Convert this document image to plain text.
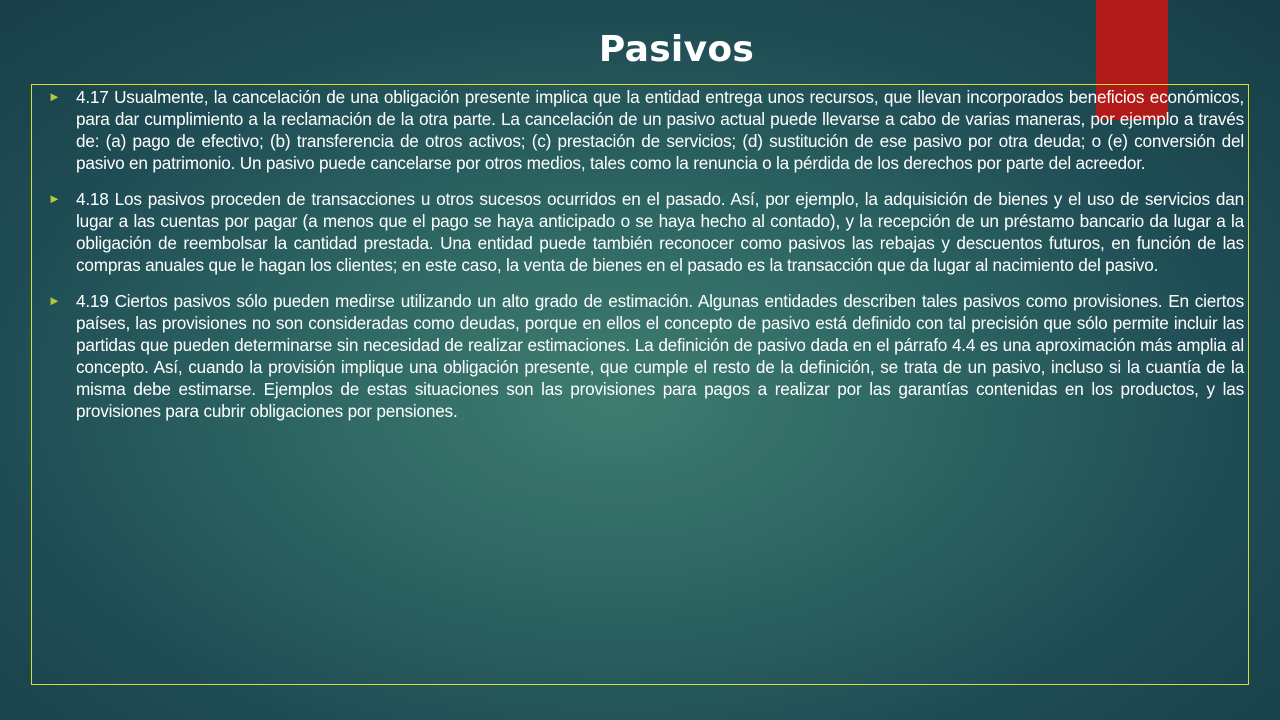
Pasivos
► 4.17 Usualmente, la cancelación de una obligación presente implica que la entidad entrega unos recursos, que llevan incorporados beneficios económicos, para dar cumplimiento a la reclamación de la otra parte. La cancelación de un pasivo actual puede llevarse a cabo de varias maneras, por ejemplo a través de: (a) pago de efectivo; (b) transferencia de otros activos; (c) prestación de servicios; (d) sustitución de ese pasivo por otra deuda; o (e) conversión del pasivo en patrimonio. Un pasivo puede cancelarse por otros medios, tales como la renuncia o la pérdida de los derechos por parte del acreedor.
► 4.18 Los pasivos proceden de transacciones u otros sucesos ocurridos en el pasado. Así, por ejemplo, la adquisición de bienes y el uso de servicios dan lugar a las cuentas por pagar (a menos que el pago se haya anticipado o se haya hecho al contado), y la recepción de un préstamo bancario da lugar a la obligación de reembolsar la cantidad prestada. Una entidad puede también reconocer como pasivos las rebajas y descuentos futuros, en función de las compras anuales que le hagan los clientes; en este caso, la venta de bienes en el pasado es la transacción que da lugar al nacimiento del pasivo.
► 4.19 Ciertos pasivos sólo pueden medirse utilizando un alto grado de estimación. Algunas entidades describen tales pasivos como provisiones. En ciertos países, las provisiones no son consideradas como deudas, porque en ellos el concepto de pasivo está definido con tal precisión que sólo permite incluir las partidas que pueden determinarse sin necesidad de realizar estimaciones. La definición de pasivo dada en el párrafo 4.4 es una aproximación más amplia al concepto. Así, cuando la provisión implique una obligación presente, que cumple el resto de la definición, se trata de un pasivo, incluso si la cuantía de la misma debe estimarse. Ejemplos de estas situaciones son las provisiones para pagos a realizar por las garantías contenidas en los productos, y las provisiones para cubrir obligaciones por pensiones.
